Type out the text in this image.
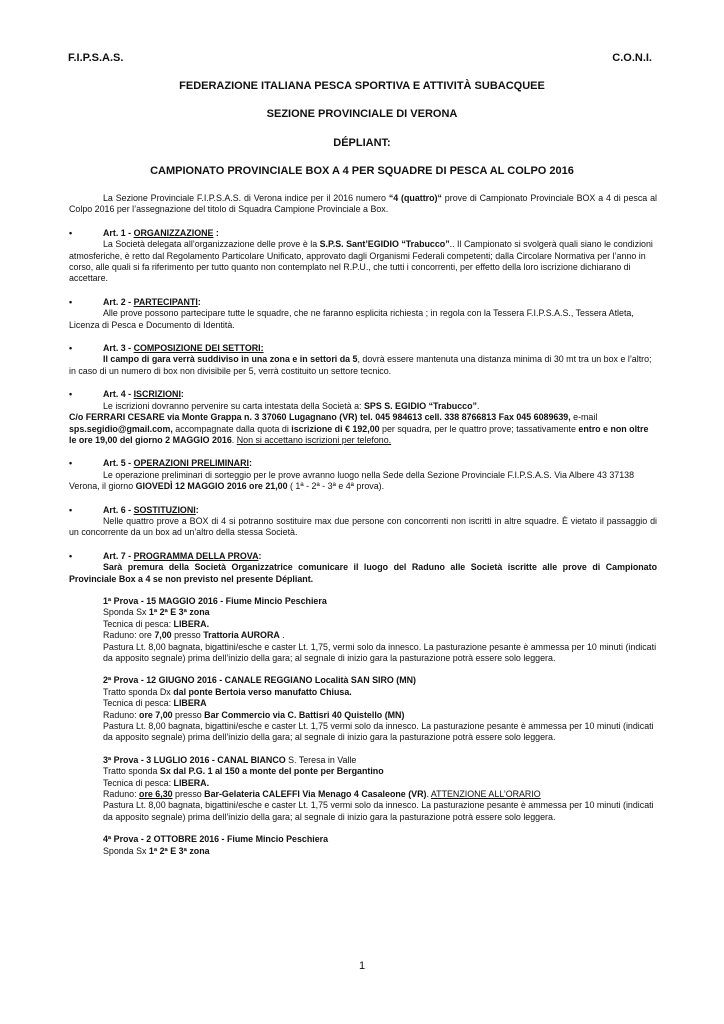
F.I.P.S.A.S.	C.O.N.I.
FEDERAZIONE ITALIANA PESCA SPORTIVA E ATTIVITÀ SUBACQUEE
SEZIONE PROVINCIALE DI VERONA
DÉPLIANT:
CAMPIONATO PROVINCIALE BOX A 4 PER SQUADRE DI PESCA AL COLPO 2016

La Sezione Provinciale F.I.P.S.A.S. di Verona indice per il 2016 numero “4 (quattro)“ prove di Campionato Provinciale BOX a 4 di pesca al Colpo 2016 per l’assegnazione del titolo di Squadra Campione Provinciale a Box.

•	Art. 1 - ORGANIZZAZIONE :

La Società delegata all’organizzazione delle prove è la S.P.S. Sant’EGIDIO “Trabucco”.. Il Campionato si svolgerà quali siano le condizioni atmosferiche, è retto dal Regolamento Particolare Unificato, approvato dagli Organismi Federali competenti; dalla Circolare Normativa per l’anno in corso, alle quali si fa riferimento per tutto quanto non contemplato nel R.P.U., che tutti i concorrenti, per effetto della loro iscrizione dichiarano di accettare.

•	Art. 2 - PARTECIPANTI:

Alle prove possono partecipare tutte le squadre, che ne faranno esplicita richiesta ; in regola con la Tessera F.I.P.S.A.S., Tessera Atleta, Licenza di Pesca e Documento di Identità.

•	Art. 3 - COMPOSIZIONE DEI SETTORI:

Il campo di gara verrà suddiviso in una zona e in settori da 5, dovrà essere mantenuta una distanza minima di 30 mt tra un box e l’altro; in caso di un numero di box non divisibile per 5, verrà costituito un settore tecnico.

•	Art. 4 - ISCRIZIONI:

Le iscrizioni dovranno pervenire su carta intestata della Società a: SPS S. EGIDIO “Trabucco”.

C/o FERRARI CESARE via Monte Grappa n. 3 37060 Lugagnano (VR) tel. 045 984613 cell. 338 8766813 Fax 045 6089639, e-mail sps.segidio@gmail.com, accompagnate dalla quota di iscrizione di € 192,00 per squadra, per le quattro prove; tassativamente entro e non oltre le ore 19,00 del giorno 2 MAGGIO 2016. Non si accettano iscrizioni per telefono.

•	Art. 5 - OPERAZIONI PRELIMINARI:

Le operazione preliminari di sorteggio per le prove avranno luogo nella Sede della Sezione Provinciale F.I.P.S.A.S. Via Albere 43 37138 Verona, il giorno GIOVEDÌ 12 MAGGIO 2016 ore 21,00 ( 1ª - 2ª - 3ª e 4ª prova).

•	Art. 6 - SOSTITUZIONI:

Nelle quattro prove a BOX di 4 si potranno sostituire max due persone con concorrenti non iscritti in altre squadre. È vietato il passaggio di un concorrente da un box ad un’altro della stessa Società.

•	Art. 7 - PROGRAMMA DELLA PROVA:

Sarà premura della Società Organizzatrice comunicare il luogo del Raduno alle Società iscritte alle prove di Campionato Provinciale Box a 4 se non previsto nel presente Dépliant.

1ª Prova - 15 MAGGIO 2016 - Fiume Mincio Peschiera

Sponda Sx 1ª 2ª E 3ª zona

Tecnica di pesca: LIBERA.

Raduno: ore 7,00 presso Trattoria AURORA .

Pastura Lt. 8,00 bagnata, bigattini/esche e caster Lt. 1,75, vermi solo da innesco. La pasturazione pesante è ammessa per 10 minuti (indicati da apposito segnale) prima dell’inizio della gara; al segnale di inizio gara la pasturazione potrà essere solo leggera.

2ª Prova - 12 GIUGNO 2016 - CANALE REGGIANO Località SAN SIRO (MN)

Tratto sponda Dx dal ponte Bertoia verso manufatto Chiusa.

Tecnica di pesca: LIBERA

Raduno: ore 7,00 presso Bar Commercio via C. Battisri 40 Quistello (MN)

Pastura Lt. 8,00 bagnata, bigattini/esche e caster Lt. 1,75 vermi solo da innesco. La pasturazione pesante è ammessa per 10 minuti (indicati da apposito segnale) prima dell’inizio della gara; al segnale di inizio gara la pasturazione potrà essere solo leggera.

3ª Prova - 3 LUGLIO 2016 - CANAL BIANCO S. Teresa in Valle

Tratto sponda Sx dal P.G. 1 al 150 a monte del ponte per Bergantino

Tecnica di pesca: LIBERA.

Raduno: ore 6,30 presso Bar-Gelateria CALEFFI Via Menago 4 Casaleone (VR). ATTENZIONE ALL’ORARIO

Pastura Lt. 8,00 bagnata, bigattini/esche e caster Lt. 1,75 vermi solo da innesco. La pasturazione pesante è ammessa per 10 minuti (indicati da apposito segnale) prima dell’inizio della gara; al segnale di inizio gara la pasturazione potrà essere solo leggera.

4ª Prova - 2 OTTOBRE 2016 - Fiume Mincio Peschiera

Sponda Sx 1ª 2ª E 3ª zona

1
